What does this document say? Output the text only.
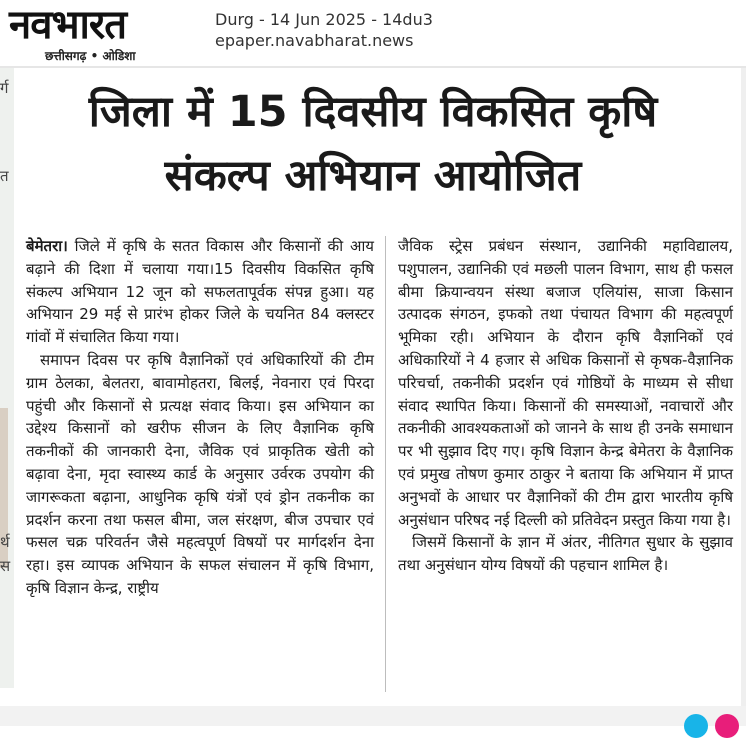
नवभारत
छत्तीसगढ़ • ओडिशा
Durg - 14 Jun 2025 - 14du3
epaper.navabharat.news
र्ग
त
र्थ
स
जिला में 15 दिवसीय विकसित कृषि
संकल्प अभियान आयोजित

बेमेतरा। जिले में कृषि के सतत विकास और किसानों की आय बढ़ाने की दिशा में चलाया गया।15 दिवसीय विकसित कृषि संकल्प अभियान 12 जून को सफलतापूर्वक संपन्न हुआ। यह अभियान 29 मई से प्रारंभ होकर जिले के चयनित 84 क्लस्टर गांवों में संचालित किया गया।

समापन दिवस पर कृषि वैज्ञानिकों एवं अधिकारियों की टीम ग्राम ठेलका, बेलतरा, बावामोहतरा, बिलई, नेवनारा एवं पिरदा पहुंची और किसानों से प्रत्यक्ष संवाद किया। इस अभियान का उद्देश्य किसानों को खरीफ सीजन के लिए वैज्ञानिक कृषि तकनीकों की जानकारी देना, जैविक एवं प्राकृतिक खेती को बढ़ावा देना, मृदा स्वास्थ्य कार्ड के अनुसार उर्वरक उपयोग की जागरूकता बढ़ाना, आधुनिक कृषि यंत्रों एवं ड्रोन तकनीक का प्रदर्शन करना तथा फसल बीमा, जल संरक्षण, बीज उपचार एवं फसल चक्र परिवर्तन जैसे महत्वपूर्ण विषयों पर मार्गदर्शन देना रहा। इस व्यापक अभियान के सफल संचालन में कृषि विभाग, कृषि विज्ञान केन्द्र, राष्ट्रीय

जैविक स्ट्रेस प्रबंधन संस्थान, उद्यानिकी महाविद्यालय, पशुपालन, उद्यानिकी एवं मछली पालन विभाग, साथ ही फसल बीमा क्रियान्वयन संस्था बजाज एलियांस, साजा किसान उत्पादक संगठन, इफको तथा पंचायत विभाग की महत्वपूर्ण भूमिका रही। अभियान के दौरान कृषि वैज्ञानिकों एवं अधिकारियों ने 4 हजार से अधिक किसानों से कृषक-वैज्ञानिक परिचर्चा, तकनीकी प्रदर्शन एवं गोष्ठियों के माध्यम से सीधा संवाद स्थापित किया। किसानों की समस्याओं, नवाचारों और तकनीकी आवश्यकताओं को जानने के साथ ही उनके समाधान पर भी सुझाव दिए गए। कृषि विज्ञान केन्द्र बेमेतरा के वैज्ञानिक एवं प्रमुख तोषण कुमार ठाकुर ने बताया कि अभियान में प्राप्त अनुभवों के आधार पर वैज्ञानिकों की टीम द्वारा भारतीय कृषि अनुसंधान परिषद नई दिल्ली को प्रतिवेदन प्रस्तुत किया गया है।

जिसमें किसानों के ज्ञान में अंतर, नीतिगत सुधार के सुझाव तथा अनुसंधान योग्य विषयों की पहचान शामिल है।
